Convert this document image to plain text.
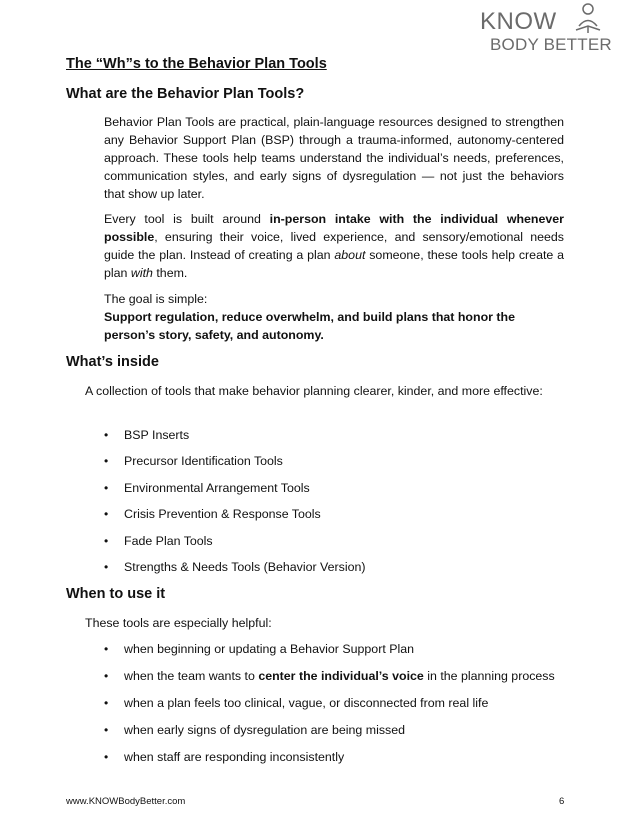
KNOW
BODY BETTER
The “Wh”s to the Behavior Plan Tools
What are the Behavior Plan Tools?

Behavior Plan Tools are practical, plain-language resources designed to strengthen any Behavior Support Plan (BSP) through a trauma-informed, autonomy-centered approach. These tools help teams understand the individual’s needs, preferences, communication styles, and early signs of dysregulation — not just the behaviors that show up later.

Every tool is built around in-person intake with the individual whenever possible, ensuring their voice, lived experience, and sensory/emotional needs guide the plan. Instead of creating a plan about someone, these tools help create a plan with them.

The goal is simple:
Support regulation, reduce overwhelm, and build plans that honor the person’s story, safety, and autonomy.

What’s inside

A collection of tools that make behavior planning clearer, kinder, and more effective:

• BSP Inserts
• Precursor Identification Tools
• Environmental Arrangement Tools
• Crisis Prevention & Response Tools
• Fade Plan Tools
• Strengths & Needs Tools (Behavior Version)
When to use it

These tools are especially helpful:

• when beginning or updating a Behavior Support Plan
• when the team wants to center the individual’s voice in the planning process
• when a plan feels too clinical, vague, or disconnected from real life
• when early signs of dysregulation are being missed
• when staff are responding inconsistently
www.KNOWBodyBetter.com	6
